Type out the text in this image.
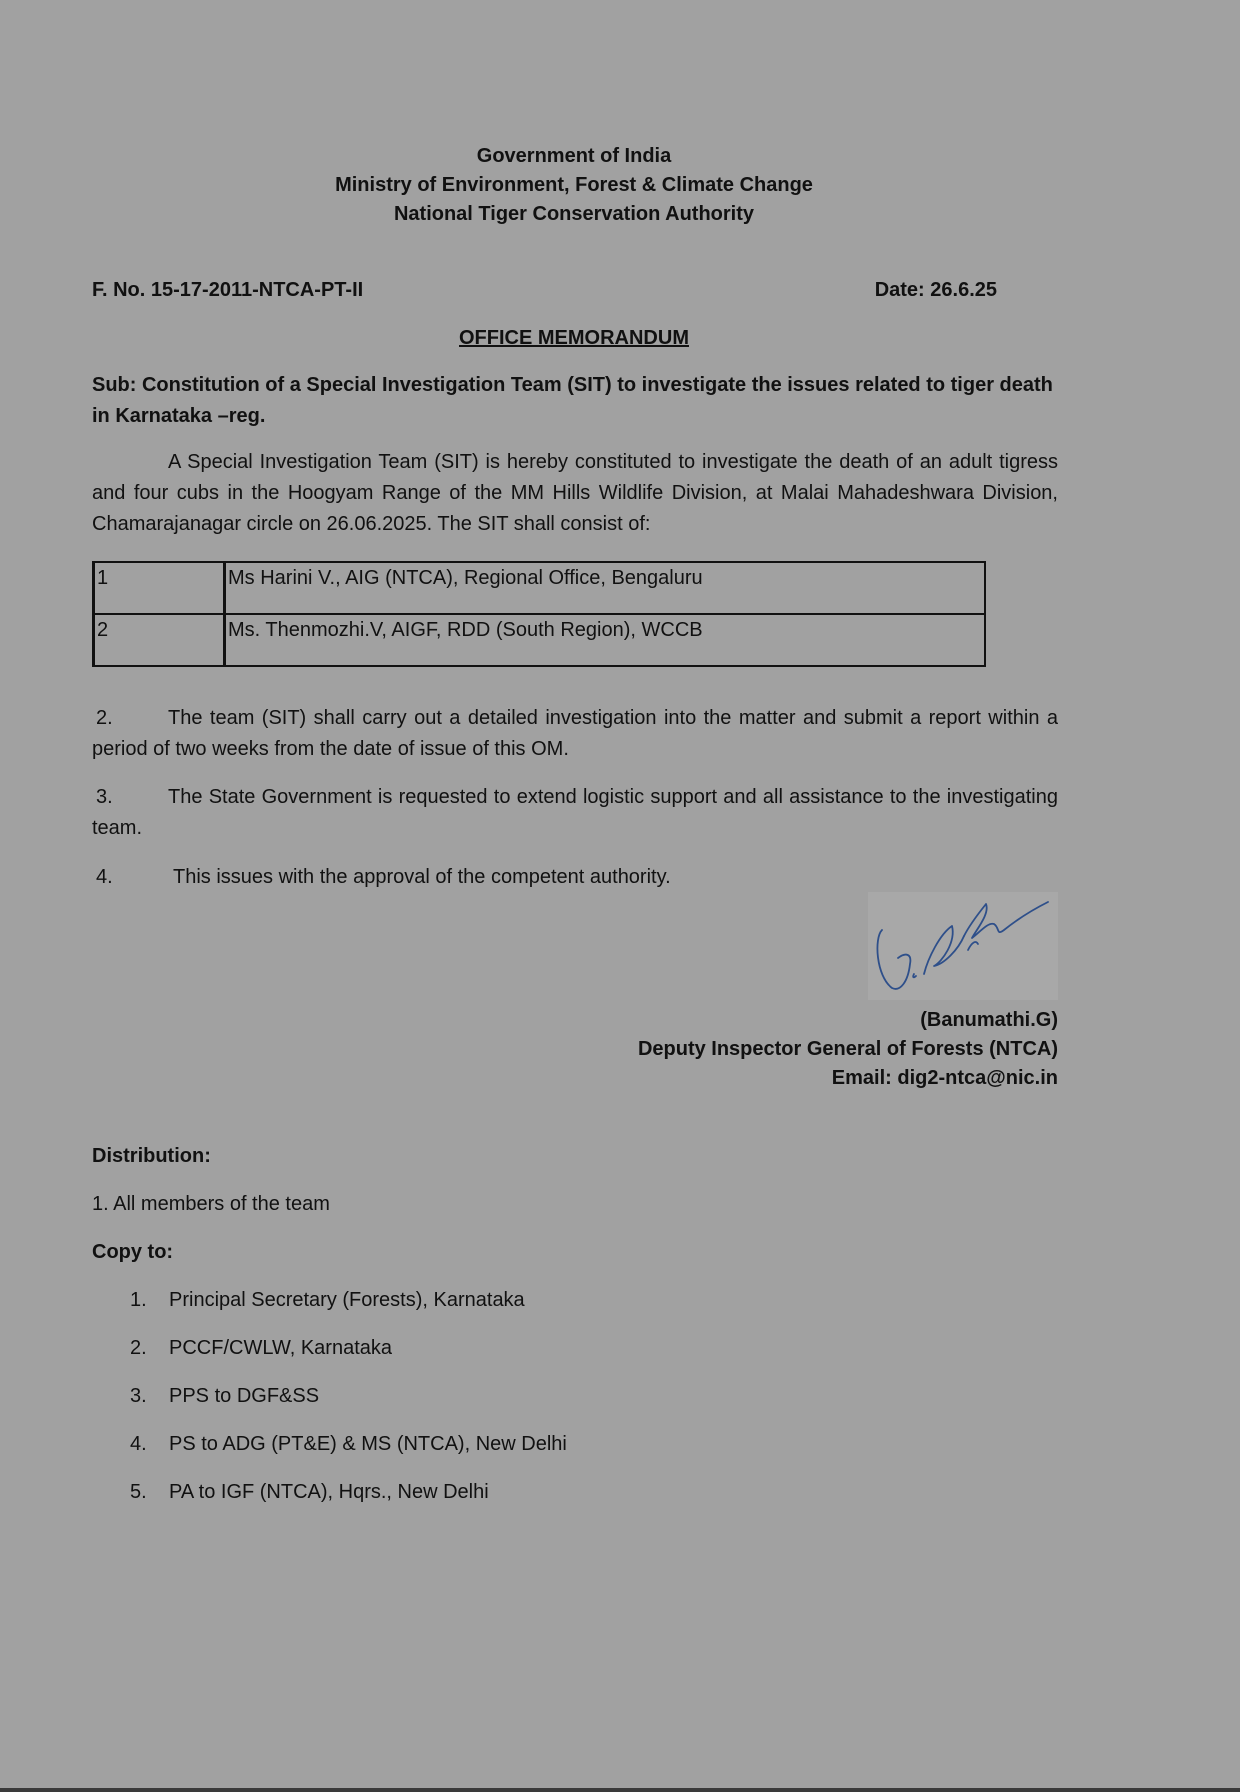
Government of India
Ministry of Environment, Forest & Climate Change
National Tiger Conservation Authority
F. No. 15-17-2011-NTCA-PT-II	Date: 26.6.25
OFFICE MEMORANDUM
Sub: Constitution of a Special Investigation Team (SIT) to investigate the issues related to tiger death in Karnataka –reg.
A Special Investigation Team (SIT) is hereby constituted to investigate the death of an adult tigress and four cubs in the Hoogyam Range of the MM Hills Wildlife Division, at Malai Mahadeshwara Division, Chamarajanagar circle on 26.06.2025. The SIT shall consist of:
1	Ms Harini V., AIG (NTCA), Regional Office, Bengaluru
2	Ms. Thenmozhi.V, AIGF, RDD (South Region), WCCB
2.	The team (SIT) shall carry out a detailed investigation into the matter and submit a report within a period of two weeks from the date of issue of this OM.
3.	The State Government is requested to extend logistic support and all assistance to the investigating team.
4.	This issues with the approval of the competent authority.
(Banumathi.G)
Deputy Inspector General of Forests (NTCA)
Email: dig2-ntca@nic.in
Distribution:
1. All members of the team
Copy to:
1. Principal Secretary (Forests), Karnataka
2. PCCF/CWLW, Karnataka
3. PPS to DGF&SS
4. PS to ADG (PT&E) & MS (NTCA), New Delhi
5. PA to IGF (NTCA), Hqrs., New Delhi
